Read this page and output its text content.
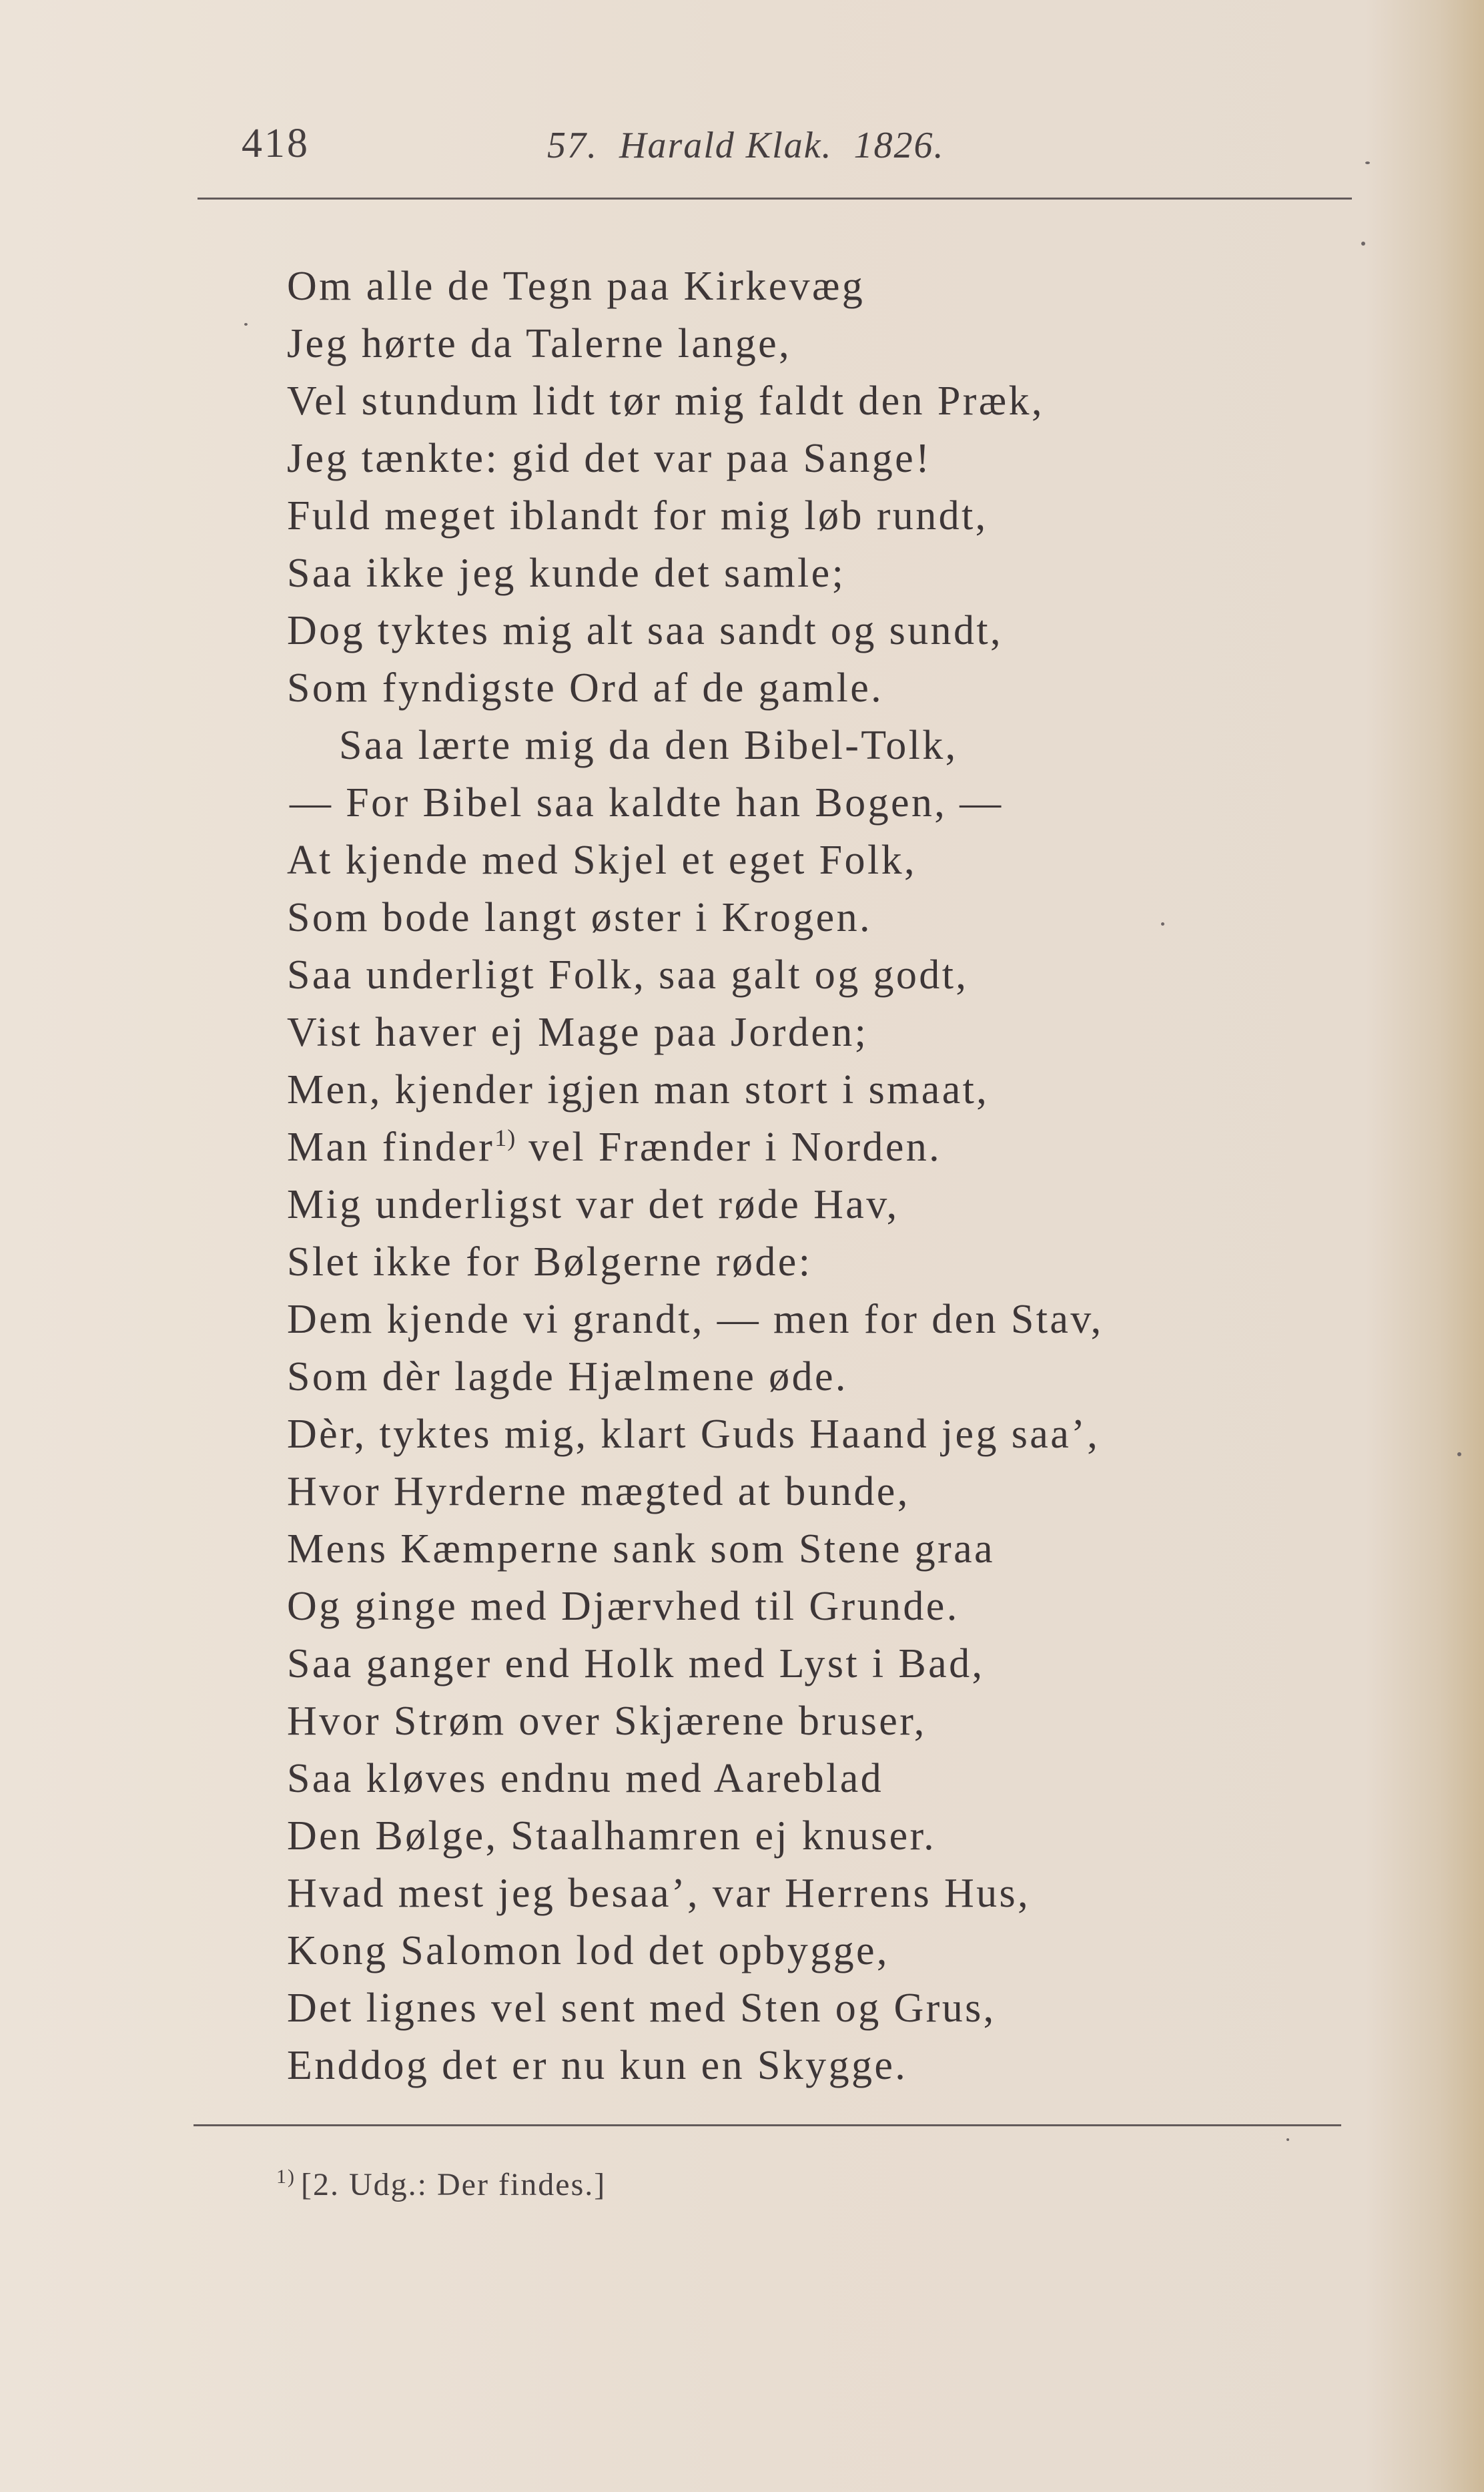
418	57.  Harald Klak.  1826.
Om alle de Tegn paa Kirkevæg
Jeg hørte da Talerne lange,
Vel stundum lidt tør mig faldt den Præk,
Jeg tænkte: gid det var paa Sange!
Fuld meget iblandt for mig løb rundt,
Saa ikke jeg kunde det samle;
Dog tyktes mig alt saa sandt og sundt,
Som fyndigste Ord af de gamle.
Saa lærte mig da den Bibel-Tolk,
— For Bibel saa kaldte han Bogen, —
At kjende med Skjel et eget Folk,
Som bode langt øster i Krogen.
Saa underligt Folk, saa galt og godt,
Vist haver ej Mage paa Jorden;
Men, kjender igjen man stort i smaat,
Man finder$^{1)}$ vel Frænder i Norden.
Mig underligst var det røde Hav,
Slet ikke for Bølgerne røde:
Dem kjende vi grandt, — men for den Stav,
Som dèr lagde Hjælmene øde.
Dèr, tyktes mig, klart Guds Haand jeg saa’,
Hvor Hyrderne mægted at bunde,
Mens Kæmperne sank som Stene graa
Og ginge med Djærvhed til Grunde.
Saa ganger end Holk med Lyst i Bad,
Hvor Strøm over Skjærene bruser,
Saa kløves endnu med Aareblad
Den Bølge, Staalhamren ej knuser.
Hvad mest jeg besaa’, var Herrens Hus,
Kong Salomon lod det opbygge,
Det lignes vel sent med Sten og Grus,
Enddog det er nu kun en Skygge.
$^{1)}$ [2. Udg.: Der findes.]
